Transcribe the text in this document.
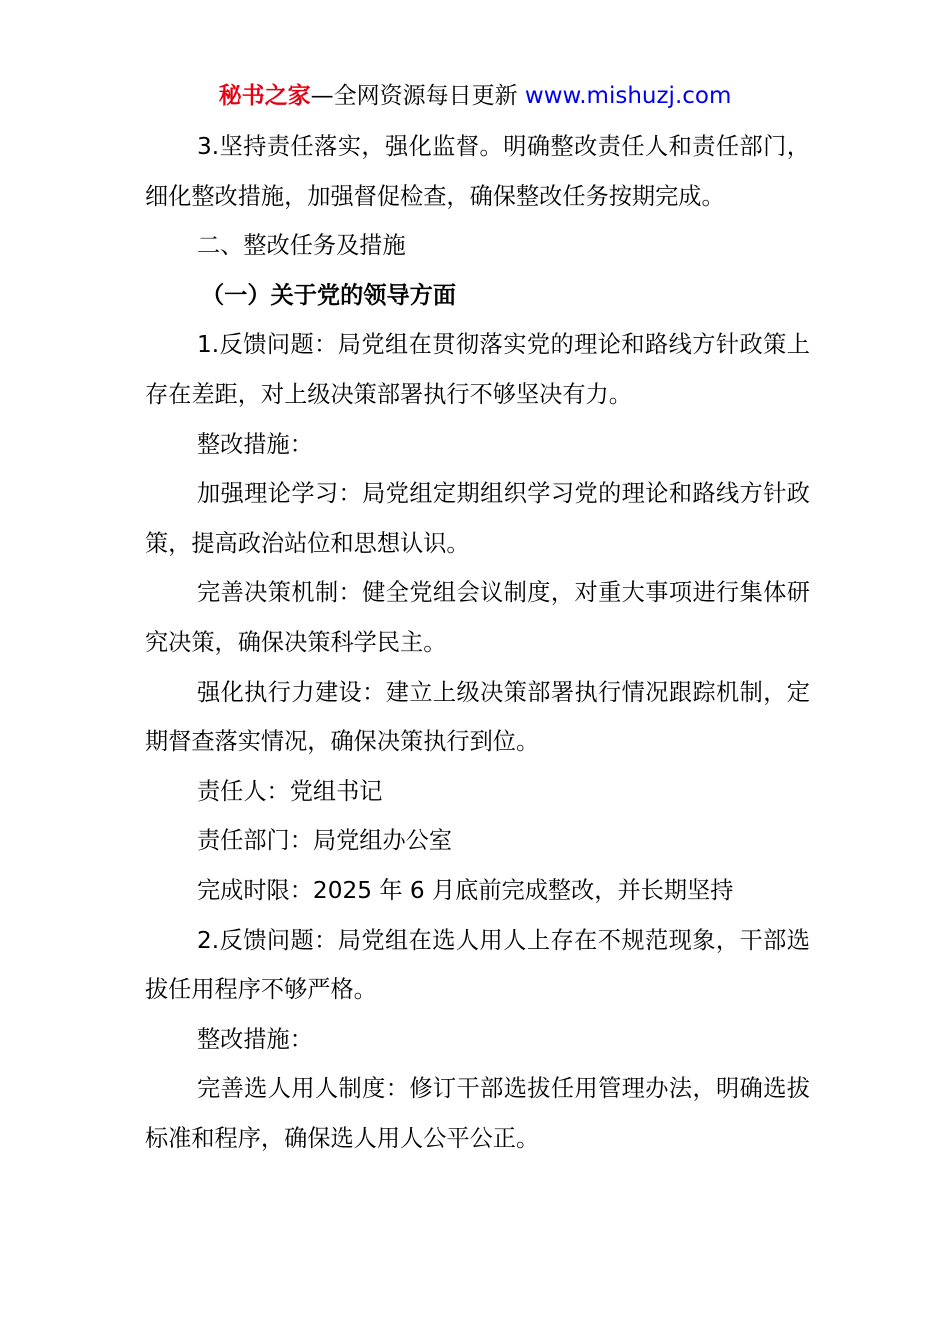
秘书之家—全网资源每日更新 www.mishuzj.com

3.坚持责任落实，强化监督。明确整改责任人和责任部门，细化整改措施，加强督促检查，确保整改任务按期完成。

二、整改任务及措施

（一）关于党的领导方面

1.反馈问题：局党组在贯彻落实党的理论和路线方针政策上存在差距，对上级决策部署执行不够坚决有力。

整改措施：

加强理论学习：局党组定期组织学习党的理论和路线方针政策，提高政治站位和思想认识。

完善决策机制：健全党组会议制度，对重大事项进行集体研究决策，确保决策科学民主。

强化执行力建设：建立上级决策部署执行情况跟踪机制，定期督查落实情况，确保决策执行到位。

责任人：党组书记

责任部门：局党组办公室

完成时限：2025 年 6 月底前完成整改，并长期坚持

2.反馈问题：局党组在选人用人上存在不规范现象，干部选拔任用程序不够严格。

整改措施：

完善选人用人制度：修订干部选拔任用管理办法，明确选拔标准和程序，确保选人用人公平公正。
